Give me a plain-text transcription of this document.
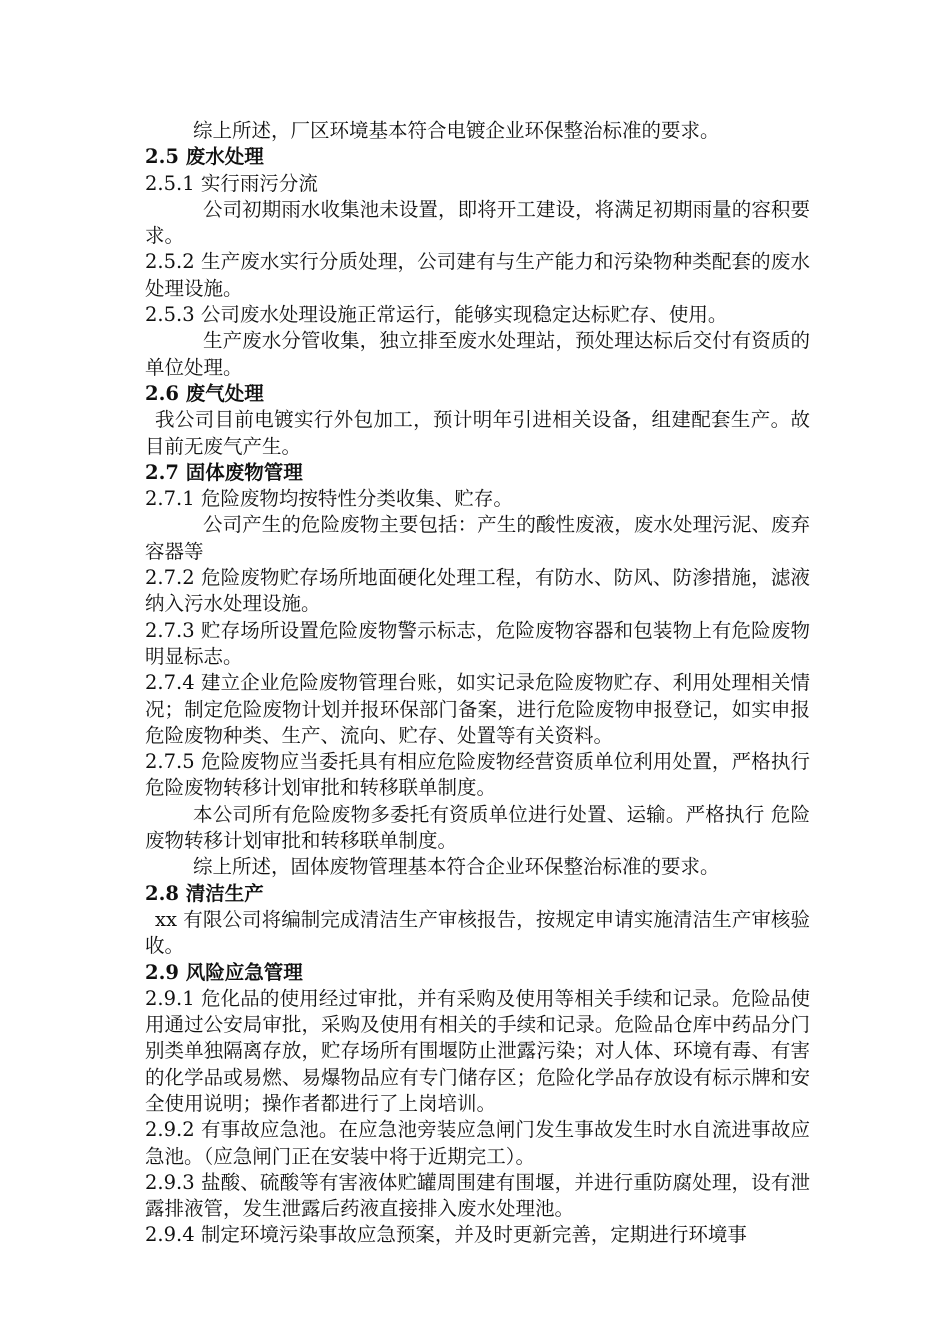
综上所述，厂区环境基本符合电镀企业环保整治标准的要求。

2.5 废水处理

2.5.1 实行雨污分流

公司初期雨水收集池未设置，即将开工建设，将满足初期雨量的容积要求。

2.5.2 生产废水实行分质处理，公司建有与生产能力和污染物种类配套的废水处理设施。

2.5.3 公司废水处理设施正常运行，能够实现稳定达标贮存、使用。

生产废水分管收集，独立排至废水处理站，预处理达标后交付有资质的单位处理。

2.6 废气处理

我公司目前电镀实行外包加工，预计明年引进相关设备，组建配套生产。故目前无废气产生。

2.7 固体废物管理

2.7.1 危险废物均按特性分类收集、贮存。

公司产生的危险废物主要包括：产生的酸性废液，废水处理污泥、废弃容器等

2.7.2 危险废物贮存场所地面硬化处理工程，有防水、防风、防渗措施，滤液纳入污水处理设施。

2.7.3 贮存场所设置危险废物警示标志，危险废物容器和包装物上有危险废物明显标志。

2.7.4 建立企业危险废物管理台账，如实记录危险废物贮存、利用处理相关情况；制定危险废物计划并报环保部门备案，进行危险废物申报登记，如实申报危险废物种类、生产、流向、贮存、处置等有关资料。

2.7.5 危险废物应当委托具有相应危险废物经营资质单位利用处置，严格执行危险废物转移计划审批和转移联单制度。

本公司所有危险废物多委托有资质单位进行处置、运输。严格执行 危险废物转移计划审批和转移联单制度。

综上所述，固体废物管理基本符合企业环保整治标准的要求。

2.8 清洁生产

xx 有限公司将编制完成清洁生产审核报告，按规定申请实施清洁生产审核验收。

2.9 风险应急管理

2.9.1 危化品的使用经过审批，并有采购及使用等相关手续和记录。危险品使用通过公安局审批，采购及使用有相关的手续和记录。危险品仓库中药品分门别类单独隔离存放，贮存场所有围堰防止泄露污染；对人体、环境有毒、有害的化学品或易燃、易爆物品应有专门储存区；危险化学品存放设有标示牌和安全使用说明；操作者都进行了上岗培训。

2.9.2 有事故应急池。在应急池旁装应急闸门发生事故发生时水自流进事故应急池。（应急闸门正在安装中将于近期完工）。

2.9.3 盐酸、硫酸等有害液体贮罐周围建有围堰，并进行重防腐处理，设有泄露排液管，发生泄露后药液直接排入废水处理池。

2.9.4 制定环境污染事故应急预案，并及时更新完善，定期进行环境事
